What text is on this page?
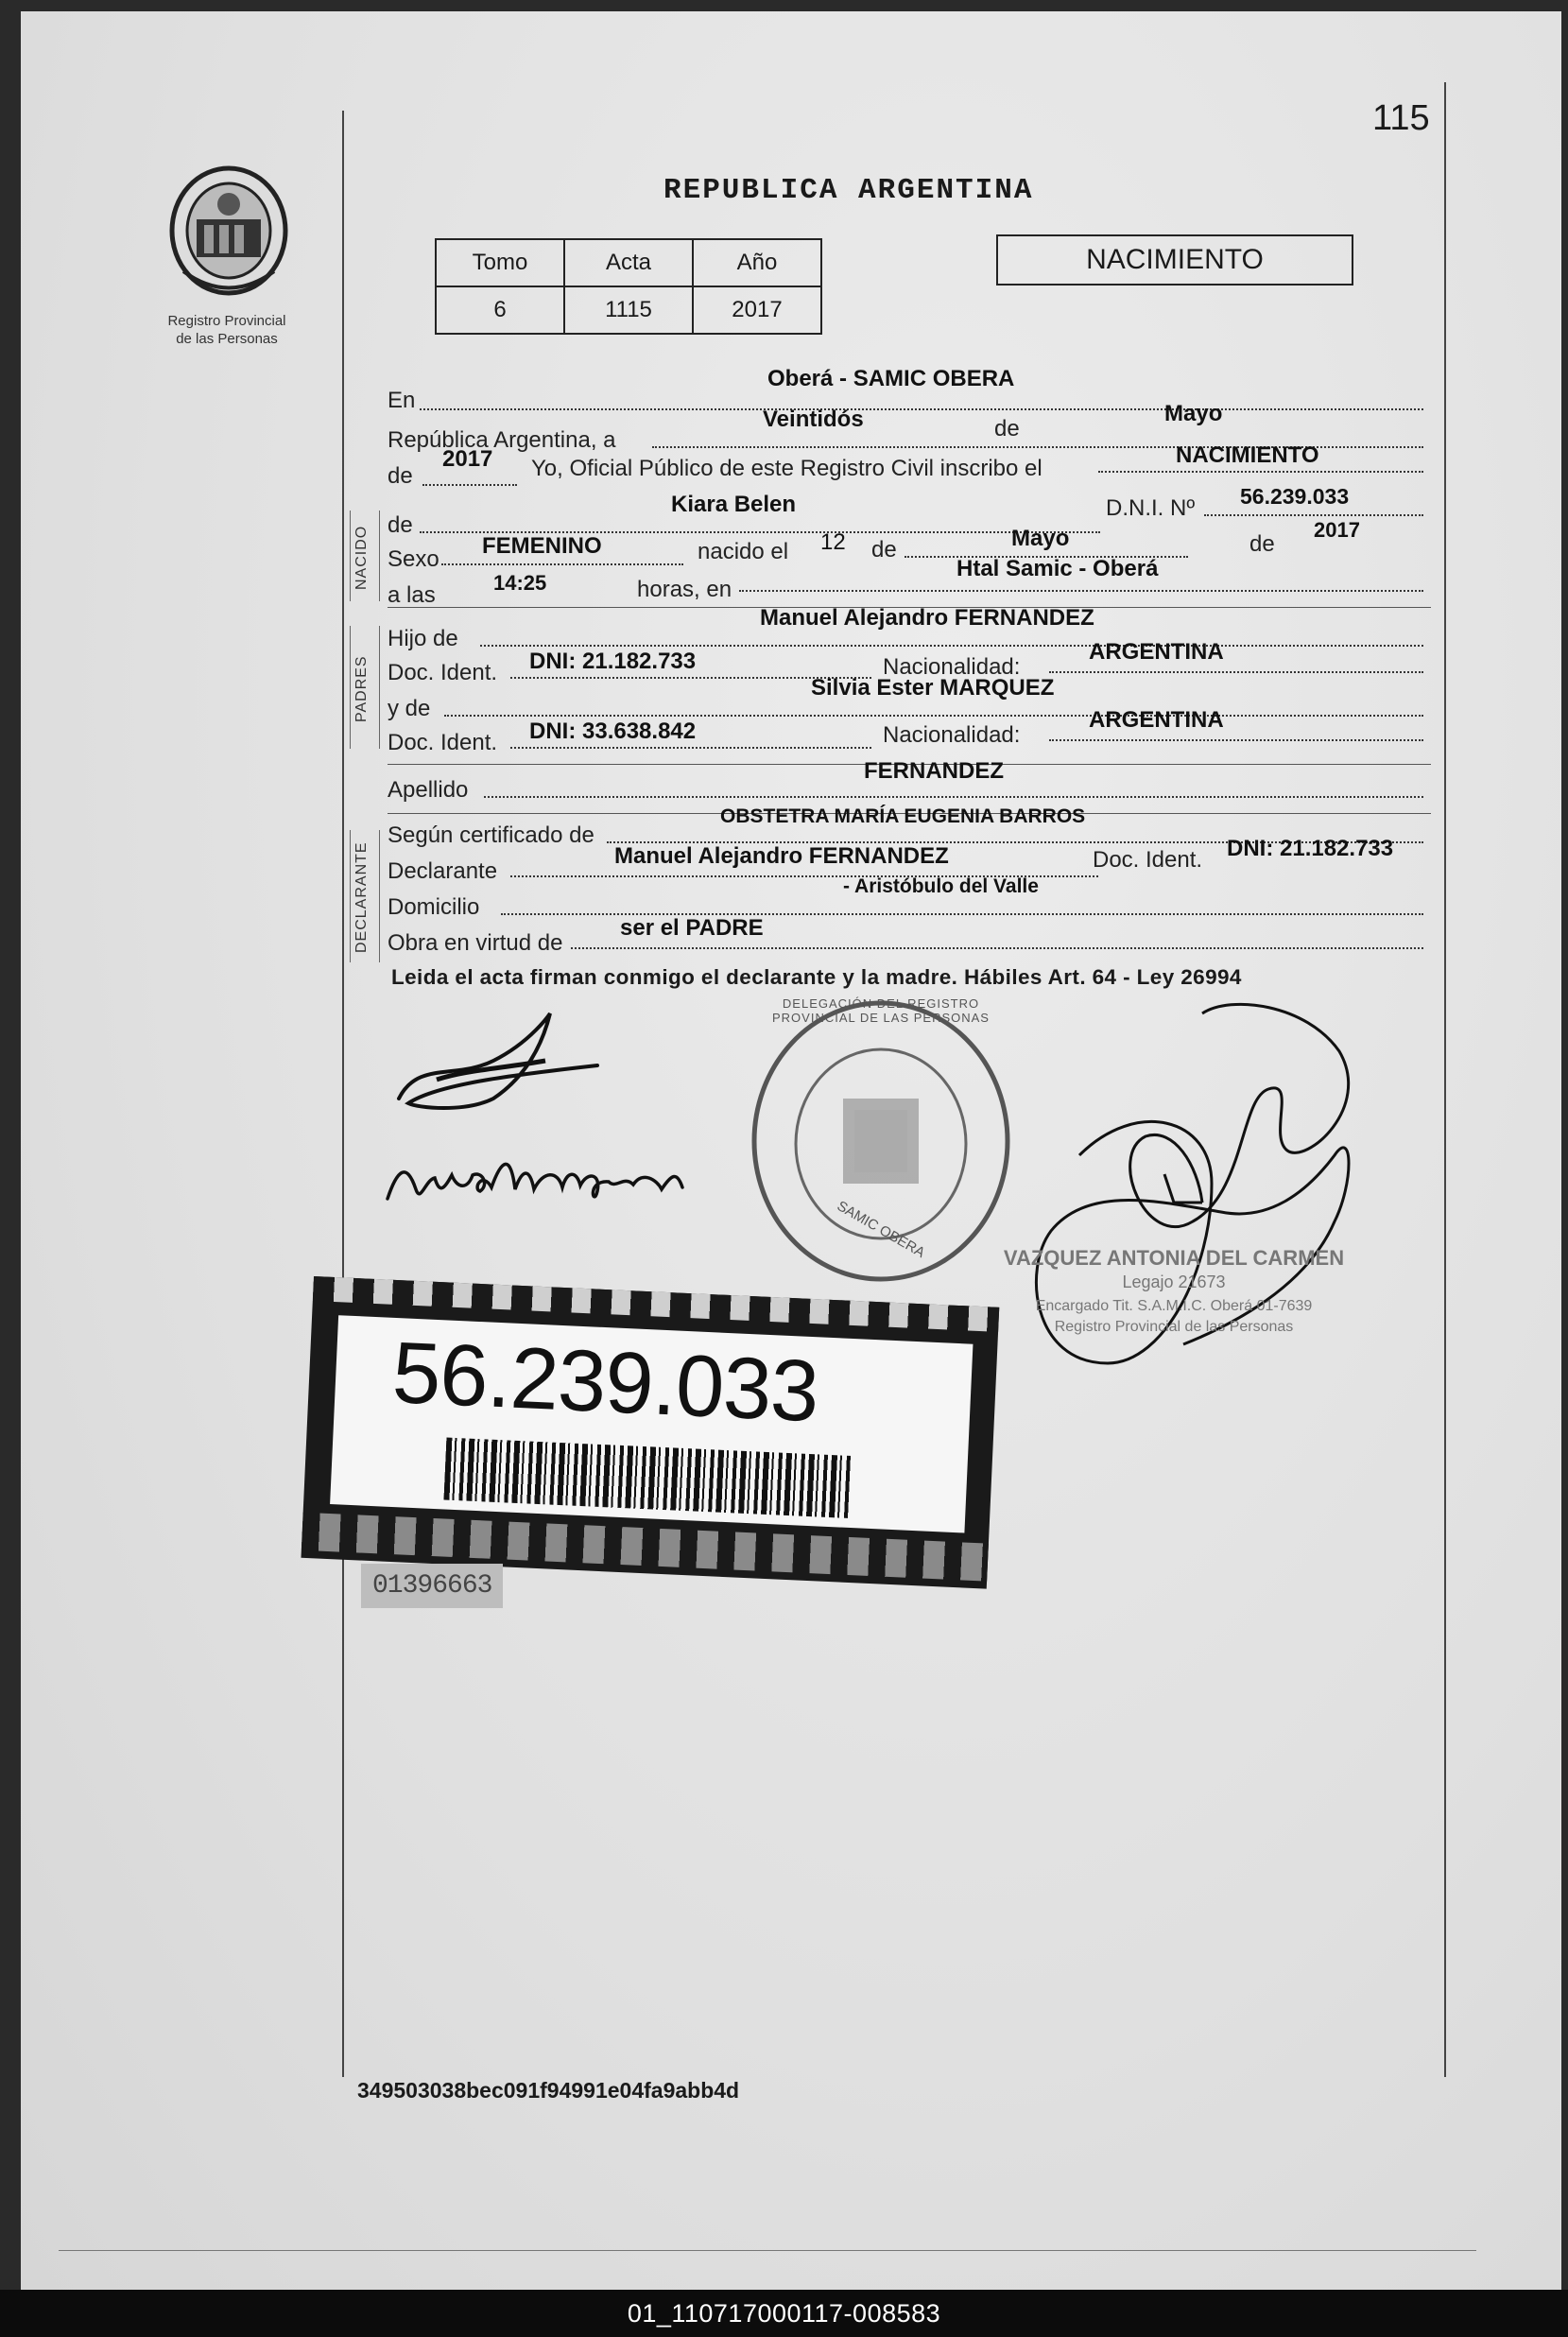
115
Registro Provincial
de las Personas
REPUBLICA ARGENTINA
Tomo	Acta	Año
6	1115	2017
NACIMIENTO
En
Oberá - SAMIC OBERA
República Argentina, a
Veintidós	de
Mayo
de
2017 Yo, Oficial Público de este Registro Civil inscribo el
NACIMIENTO
NACIDO
de
Kiara Belen	D.N.I. Nº 56.239.033
Sexo
FEMENINO	nacido el 12 de	Mayo	de
2017
a las	14:25	horas, en
Htal Samic - Oberá
PADRES
Hijo de
Manuel Alejandro FERNANDEZ
Doc. Ident. DNI: 21.182.733	Nacionalidad:
ARGENTINA
y de
Silvia Ester MARQUEZ
Doc. Ident. DNI: 33.638.842	Nacionalidad:
ARGENTINA
Apellido
FERNANDEZ
DECLARANTE
Según certificado de
OBSTETRA MARÍA EUGENIA BARROS
Declarante
Manuel Alejandro FERNANDEZ	Doc. Ident. DNI: 21.182.733
Domicilio
- Aristóbulo del Valle
Obra en virtud de
ser el PADRE
Leida el acta firman conmigo el declarante y la madre. Hábiles Art. 64 - Ley 26994
DELEGACIÓN DEL REGISTRO PROVINCIAL DE LAS PERSONAS
SAMIC OBERA	VAZQUEZ ANTONIA DEL CARMEN
Legajo 21673
Encargado Tit. S.A.M.I.C. Oberá 01-7639
Registro Provincial de las Personas
56.239.033
01396663
349503038bec091f94991e04fa9abb4d
01_110717000117-008583
